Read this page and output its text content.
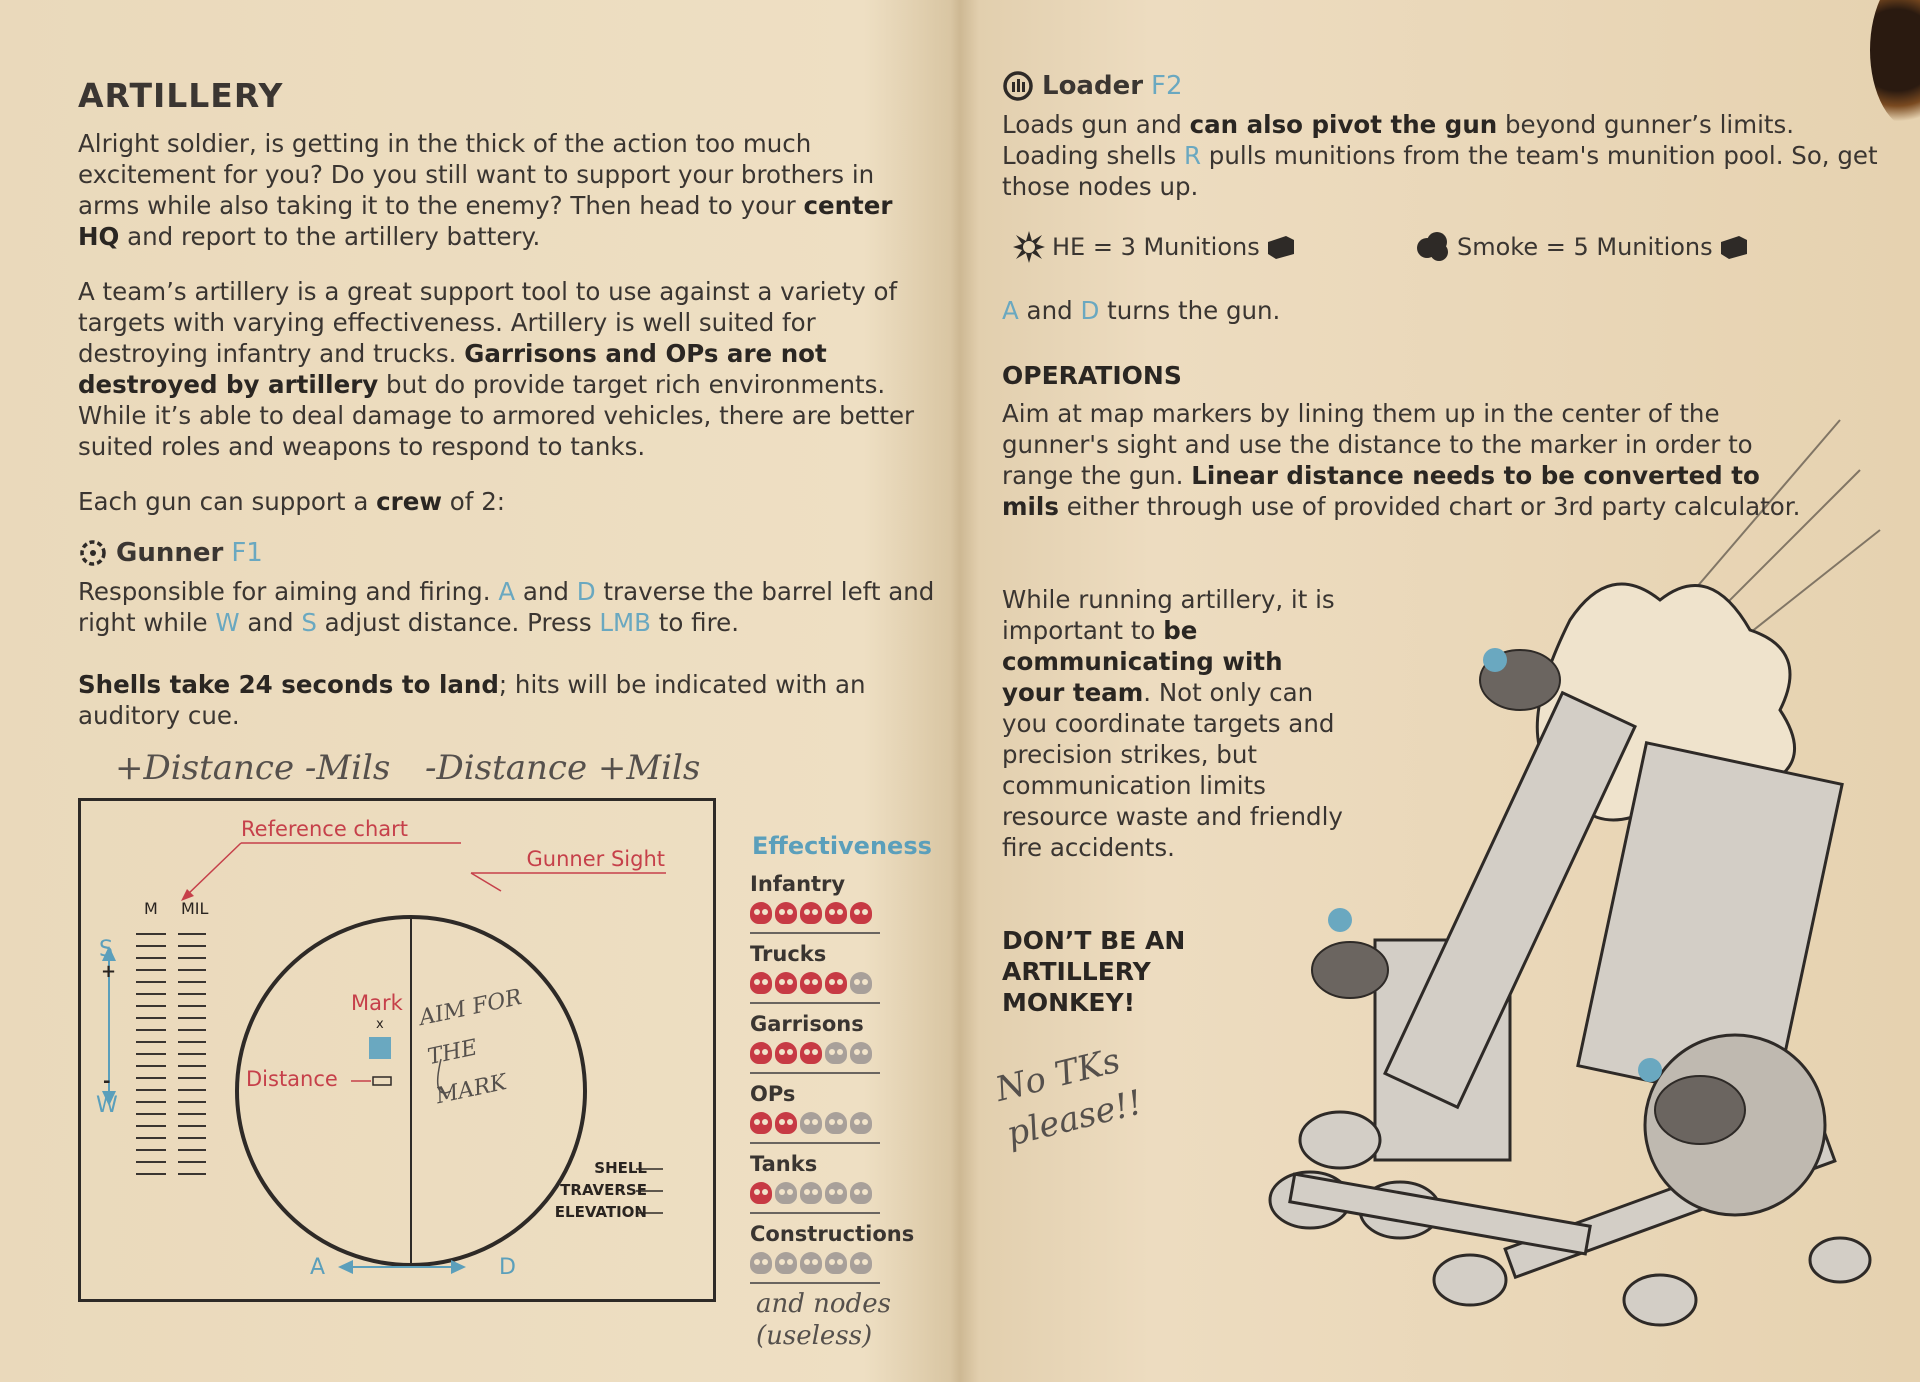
ARTILLERY
Alright soldier, is getting in the thick of the action too much excitement for you? Do you still want to support your brothers in arms while also taking it to the enemy? Then head to your center HQ and report to the artillery battery.
A team’s artillery is a great support tool to use against a variety of targets with varying effectiveness. Artillery is well suited for destroying infantry and trucks. Garrisons and OPs are not destroyed by artillery but do provide target rich environments. While it’s able to deal damage to armored vehicles, there are better suited roles and weapons to respond to tanks.
Each gun can support a crew of 2:
Gunner F1
Responsible for aiming and firing. A and D traverse the barrel left and right while W and S adjust distance. Press LMB to fire.
Shells take 24 seconds to land; hits will be indicated with an auditory cue.
+Distance -Mils -Distance +Mils
Reference chart
Gunner Sight
M MIL
S
+
-
W
Mark
x
Distance
AIM FOR THE MARK
SHELL
TRAVERSE
ELEVATION
A	D
Effectiveness
Infantry
Trucks
Garrisons
OPs
Tanks
Constructions
and nodes (useless)
Loader F2
Loads gun and can also pivot the gun beyond gunner’s limits. Loading shells R pulls munitions from the team's munition pool. So, get those nodes up.
HE = 3 Munitions	Smoke = 5 Munitions
A and D turns the gun.
OPERATIONS
Aim at map markers by lining them up in the center of the gunner's sight and use the distance to the marker in order to range the gun. Linear distance needs to be converted to mils either through use of provided chart or 3rd party calculator.
While running artillery, it is important to be communicating with your team. Not only can you coordinate targets and precision strikes, but communication limits resource waste and friendly fire accidents.
DON’T BE AN ARTILLERY MONKEY!
No TKs please!!
